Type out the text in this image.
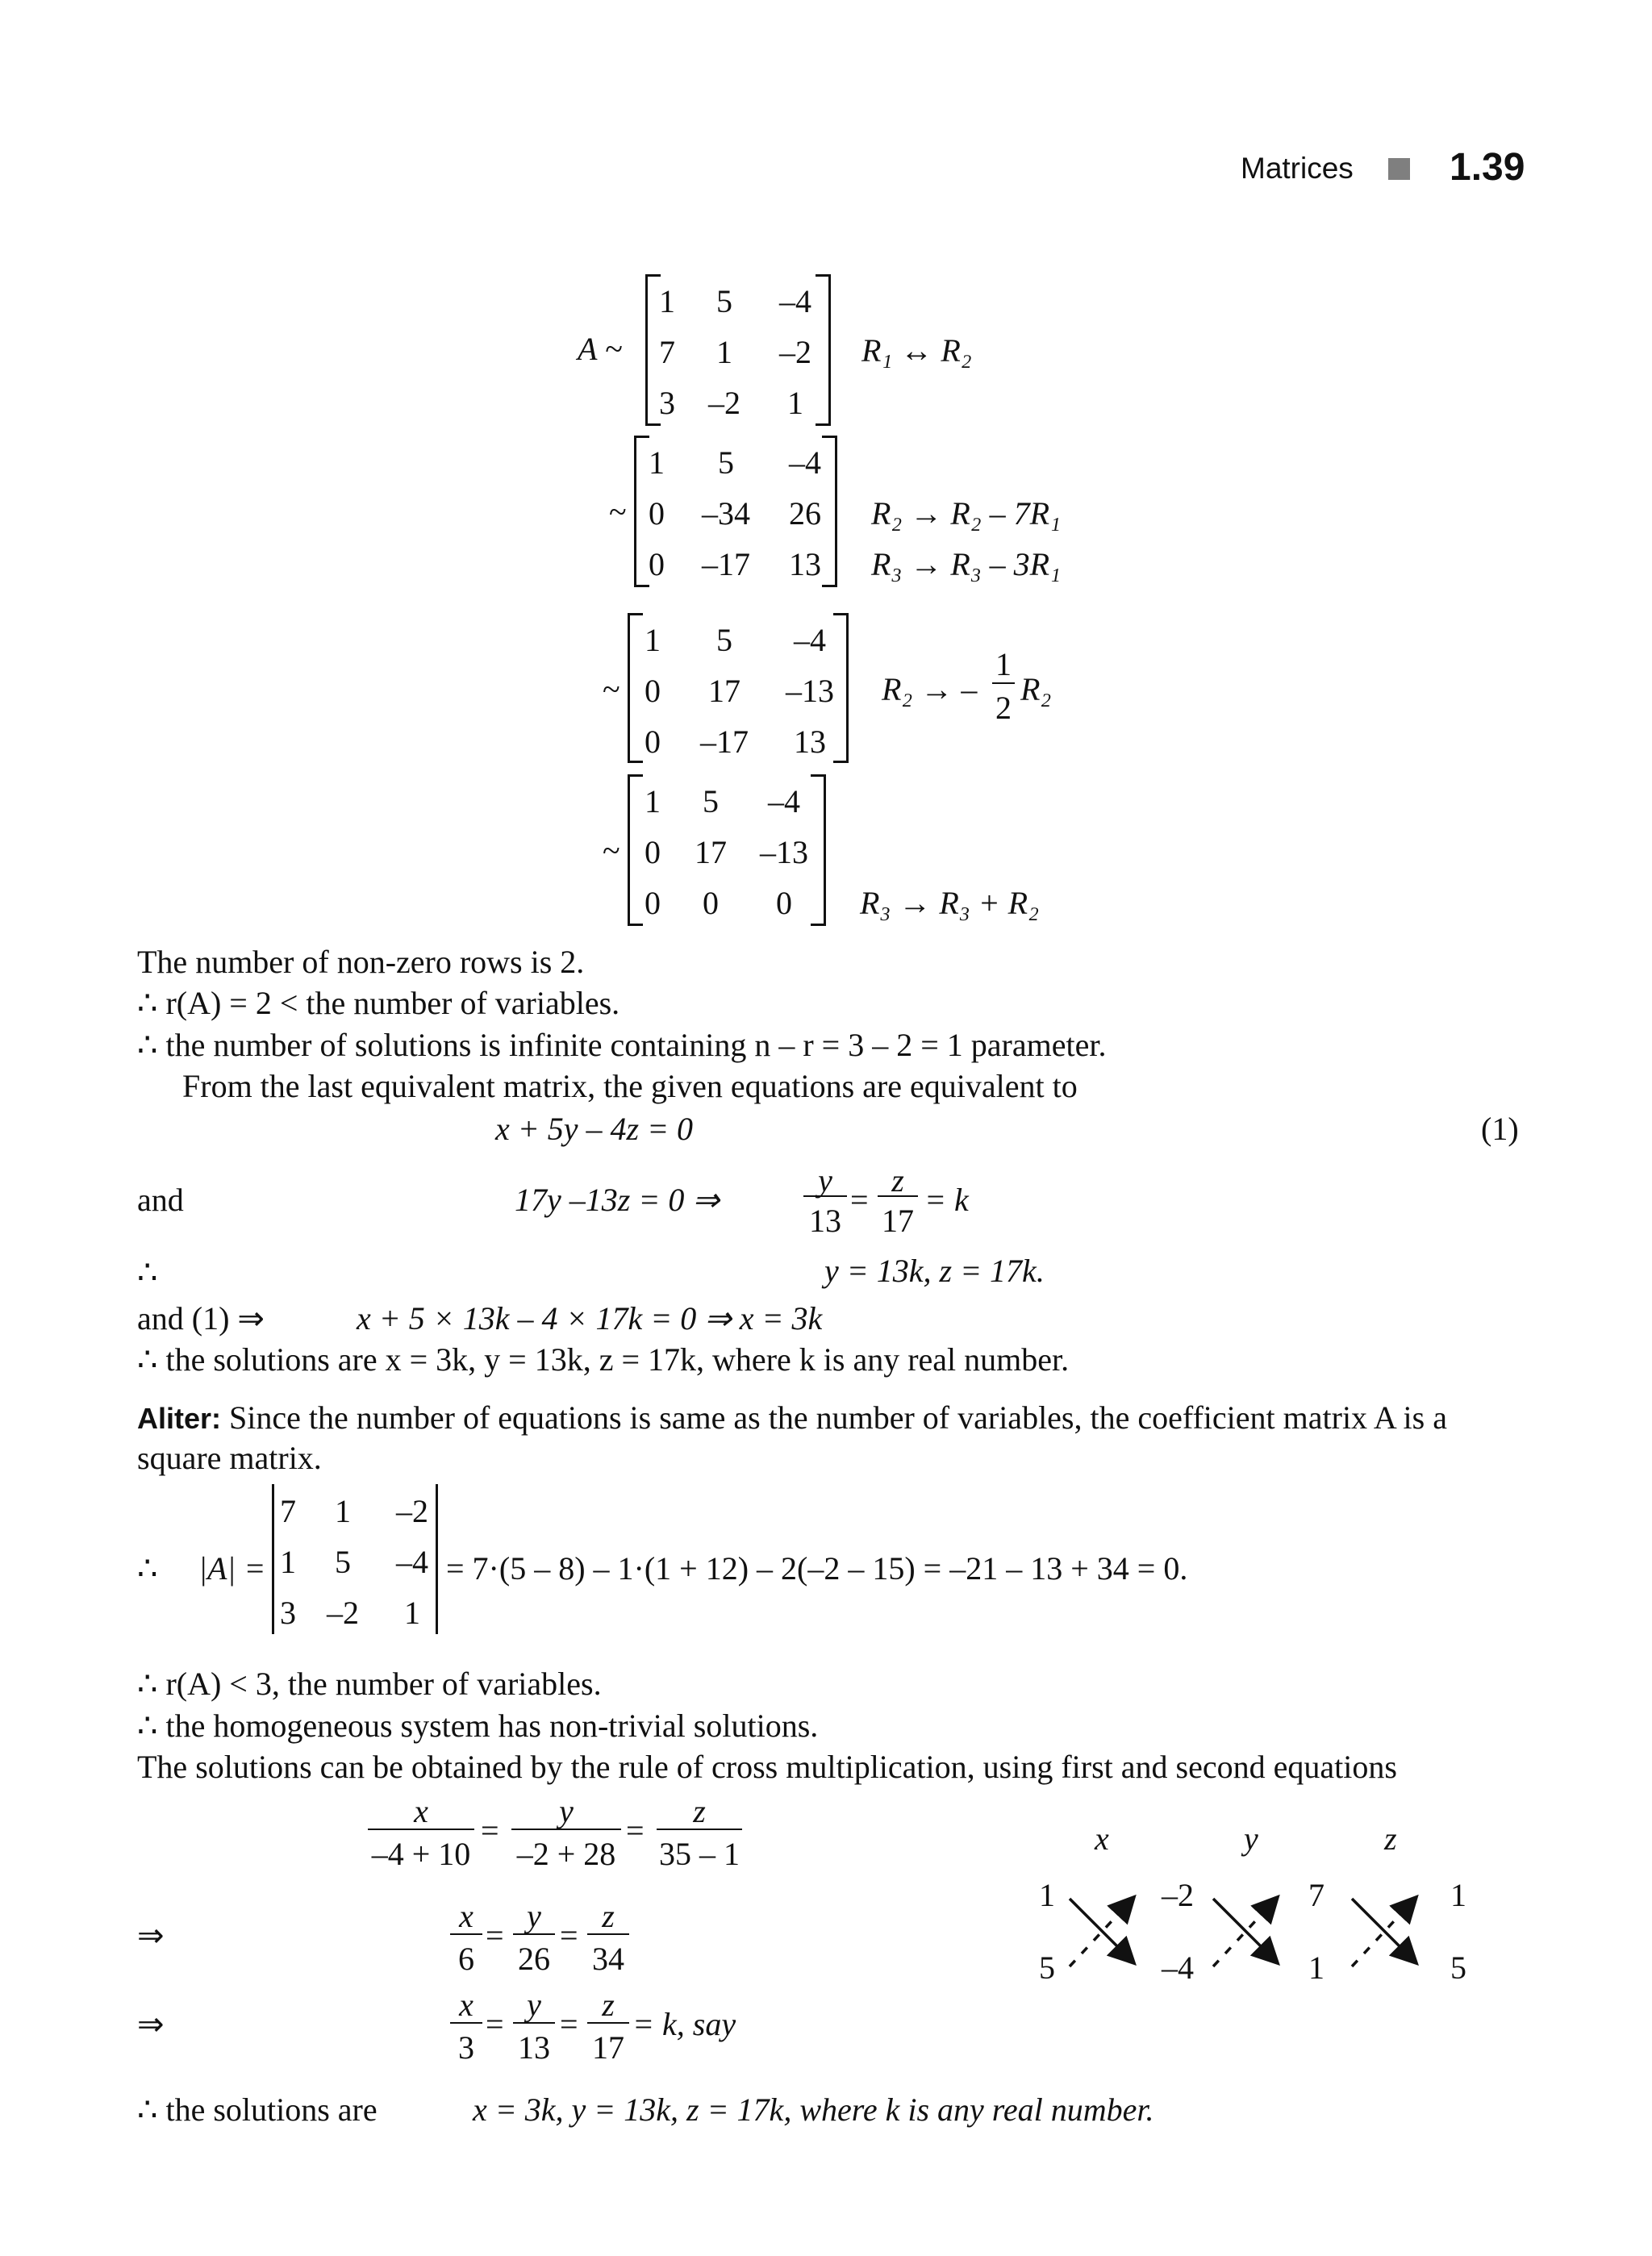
Matrices 1.39
A ~
1 5 –4
7 1 –2
3 –2 1
R₁ ↔ R₂
~
1 5 –4
0 –34 26
0 –17 13
R₂ → R₂ – 7R₁
R₃ → R₃ – 3R₁
~
1 5 –4
0 17 –13
0 –17 13
R₂ → –
1
2
R₂
~
1 5 –4
0 17 –13
0 0 0 R₃ → R₃ + R₂
The number of non-zero rows is 2.
∴ r(A) = 2 < the number of variables.
∴ the number of solutions is infinite containing n – r = 3 – 2 = 1 parameter.
From the last equivalent matrix, the given equations are equivalent to
x + 5y – 4z = 0	(1)
and	17y –13z = 0 ⇒
y
13
=
z
17
= k
∴	y = 13k, z = 17k.
and (1) ⇒	x + 5 × 13k – 4 × 17k = 0 ⇒ x = 3k
∴ the solutions are x = 3k, y = 13k, z = 17k, where k is any real number.
Aliter: Since the number of equations is same as the number of variables, the coefficient matrix A is a
square matrix.
∴ |A| =
7 1 –2
1 5 –4
3 –2 1
= 7·(5 – 8) – 1·(1 + 12) – 2(–2 – 15) = –21 – 13 + 34 = 0.
∴ r(A) < 3, the number of variables.
∴ the homogeneous system has non-trivial solutions.
The solutions can be obtained by the rule of cross multiplication, using first and second equations
x
–4 + 10
=
y
–2 + 28
=
z
35 – 1
⇒
x
6
=
y
26
=
z
34
⇒
x
3
=
y
13
=
z
17
= k, say
x	y	z
1	–2	7	1
5	–4	1	5
∴ the solutions are	x = 3k, y = 13k, z = 17k, where k is any real number.
